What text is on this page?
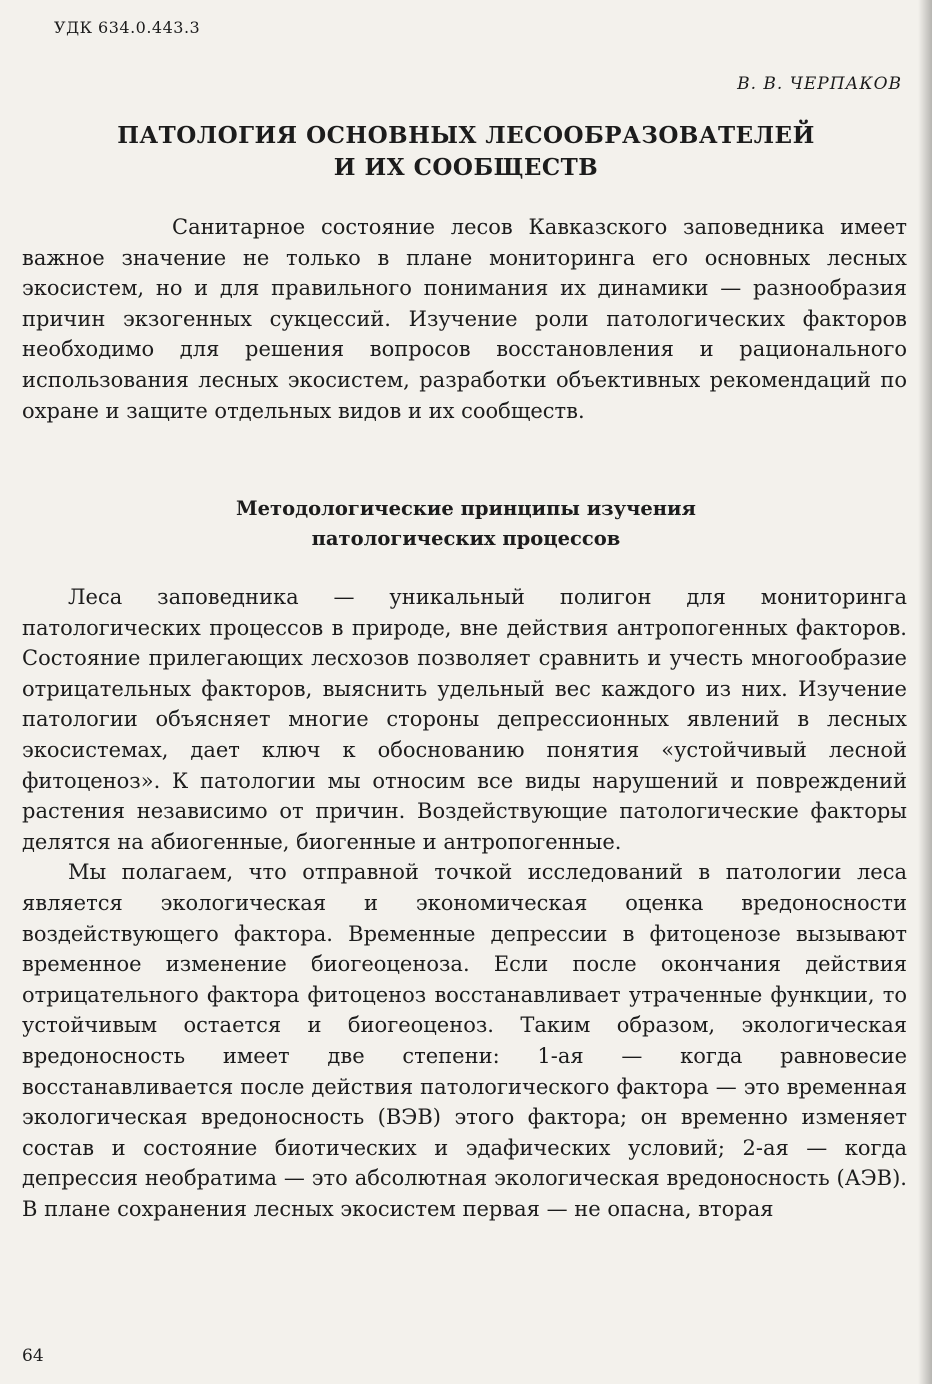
УДК 634.0.443.3
В. В. ЧЕРПАКОВ
ПАТОЛОГИЯ ОСНОВНЫХ ЛЕСООБРАЗОВАТЕЛЕЙ
И ИХ СООБЩЕСТВ
Санитарное состояние лесов Кавказского заповедника имеет важное значение не только в плане мониторинга его основных лесных экосистем, но и для правильного понимания их динамики — разнообразия причин экзогенных сукцессий. Изучение роли патологических факторов необходимо для решения вопросов восстановления и рационального использования лесных экосистем, разработки объективных рекомендаций по охране и защите отдельных видов и их сообществ.
Методологические принципы изучения
патологических процессов

Леса заповедника — уникальный полигон для мониторинга патологических процессов в природе, вне действия антропогенных факторов. Состояние прилегающих лесхозов позволяет сравнить и учесть многообразие отрицательных факторов, выяснить удельный вес каждого из них. Изучение патологии объясняет многие стороны депрессионных явлений в лесных экосистемах, дает ключ к обоснованию понятия «устойчивый лесной фитоценоз». К патологии мы относим все виды нарушений и повреждений растения независимо от причин. Воздействующие патологические факторы делятся на абиогенные, биогенные и антропогенные.

Мы полагаем, что отправной точкой исследований в патологии леса является экологическая и экономическая оценка вредоносности воздействующего фактора. Временные депрессии в фитоценозе вызывают временное изменение биогеоценоза. Если после окончания действия отрицательного фактора фитоценоз восстанавливает утраченные функции, то устойчивым остается и биогеоценоз. Таким образом, экологическая вредоносность имеет две степени: 1-ая — когда равновесие восстанавливается после действия патологического фактора — это временная экологическая вредоносность (ВЭВ) этого фактора; он временно изменяет состав и состояние биотических и эдафических условий; 2-ая — когда депрессия необратима — это абсолютная экологическая вредоносность (АЭВ). В плане сохранения лесных экосистем первая — не опасна, вторая

64
